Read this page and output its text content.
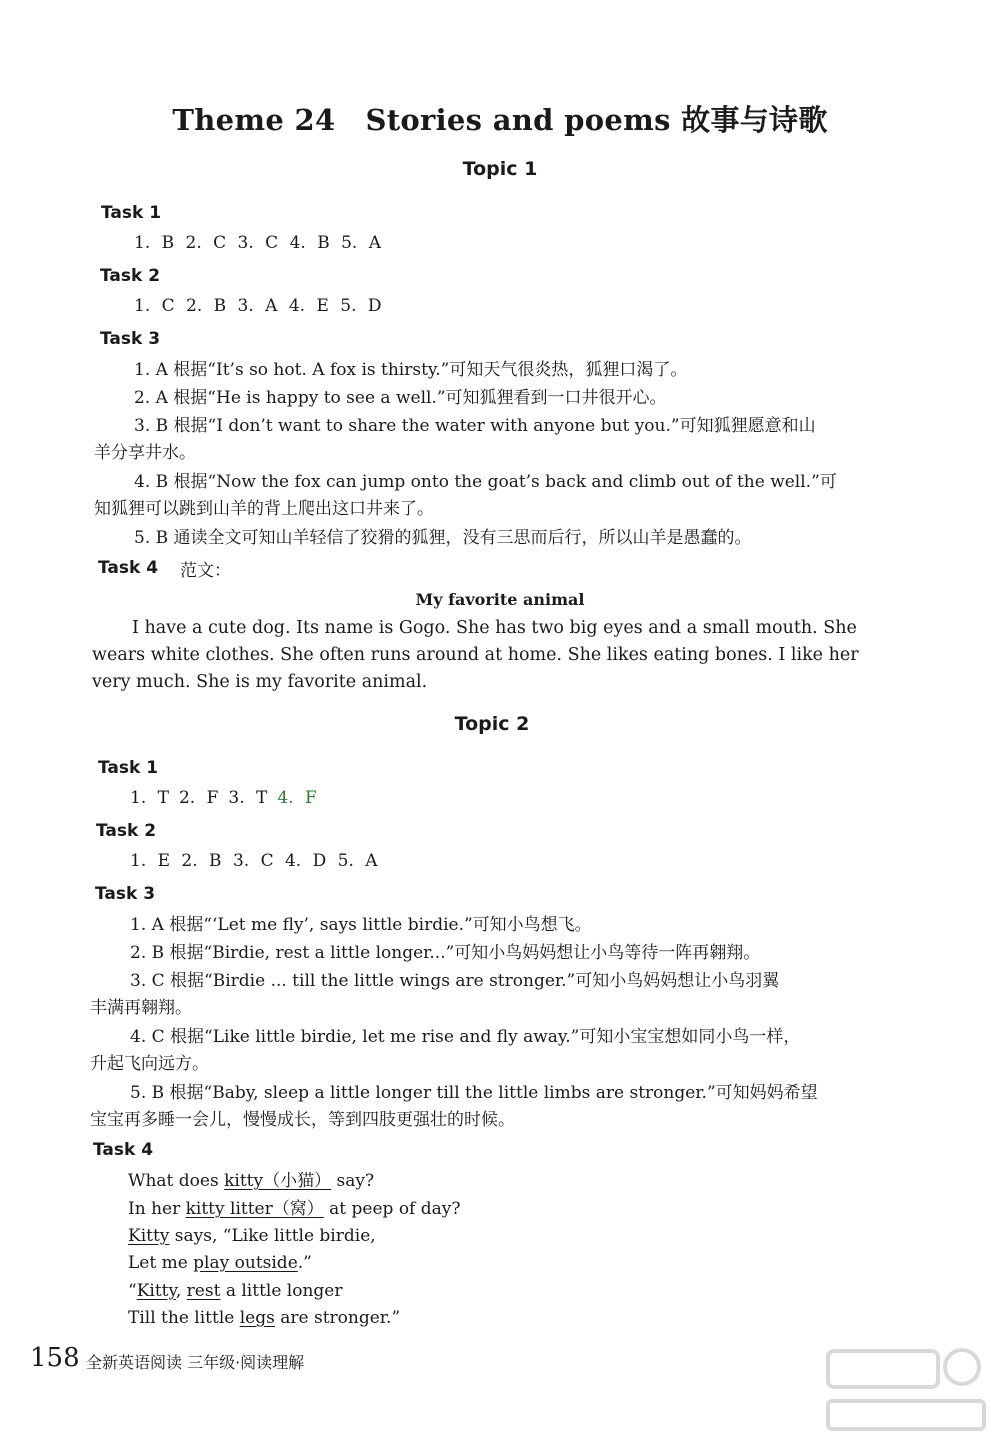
Theme 24 Stories and poems 故事与诗歌
Topic 1
Task 1
1. B 2. C 3. C 4. B 5. A
Task 2
1. C 2. B 3. A 4. E 5. D
Task 3
1. A 根据“It’s so hot. A fox is thirsty.”可知天气很炎热，狐狸口渴了。
2. A 根据“He is happy to see a well.”可知狐狸看到一口井很开心。
3. B 根据“I don’t want to share the water with anyone but you.”可知狐狸愿意和山
羊分享井水。
4. B 根据“Now the fox can jump onto the goat’s back and climb out of the well.”可
知狐狸可以跳到山羊的背上爬出这口井来了。
5. B 通读全文可知山羊轻信了狡猾的狐狸，没有三思而后行，所以山羊是愚蠢的。
Task 4 范文：
My favorite animal
I have a cute dog. Its name is Gogo. She has two big eyes and a small mouth. She
wears white clothes. She often runs around at home. She likes eating bones. I like her
very much. She is my favorite animal.
Topic 2
Task 1
1. T 2. F 3. T 4. F
Task 2
1. E 2. B 3. C 4. D 5. A
Task 3
1. A 根据“‘Let me fly’, says little birdie.”可知小鸟想飞。
2. B 根据“Birdie, rest a little longer...”可知小鸟妈妈想让小鸟等待一阵再翱翔。
3. C 根据“Birdie ... till the little wings are stronger.”可知小鸟妈妈想让小鸟羽翼
丰满再翱翔。
4. C 根据“Like little birdie, let me rise and fly away.”可知小宝宝想如同小鸟一样，
升起飞向远方。
5. B 根据“Baby, sleep a little longer till the little limbs are stronger.”可知妈妈希望
宝宝再多睡一会儿，慢慢成长，等到四肢更强壮的时候。
Task 4
What does kitty（小猫） say?
In her kitty litter（窝） at peep of day?
Kitty says, “Like little birdie,
Let me play outside.”
“Kitty, rest a little longer
Till the little legs are stronger.”
158 全新英语阅读 三年级·阅读理解
